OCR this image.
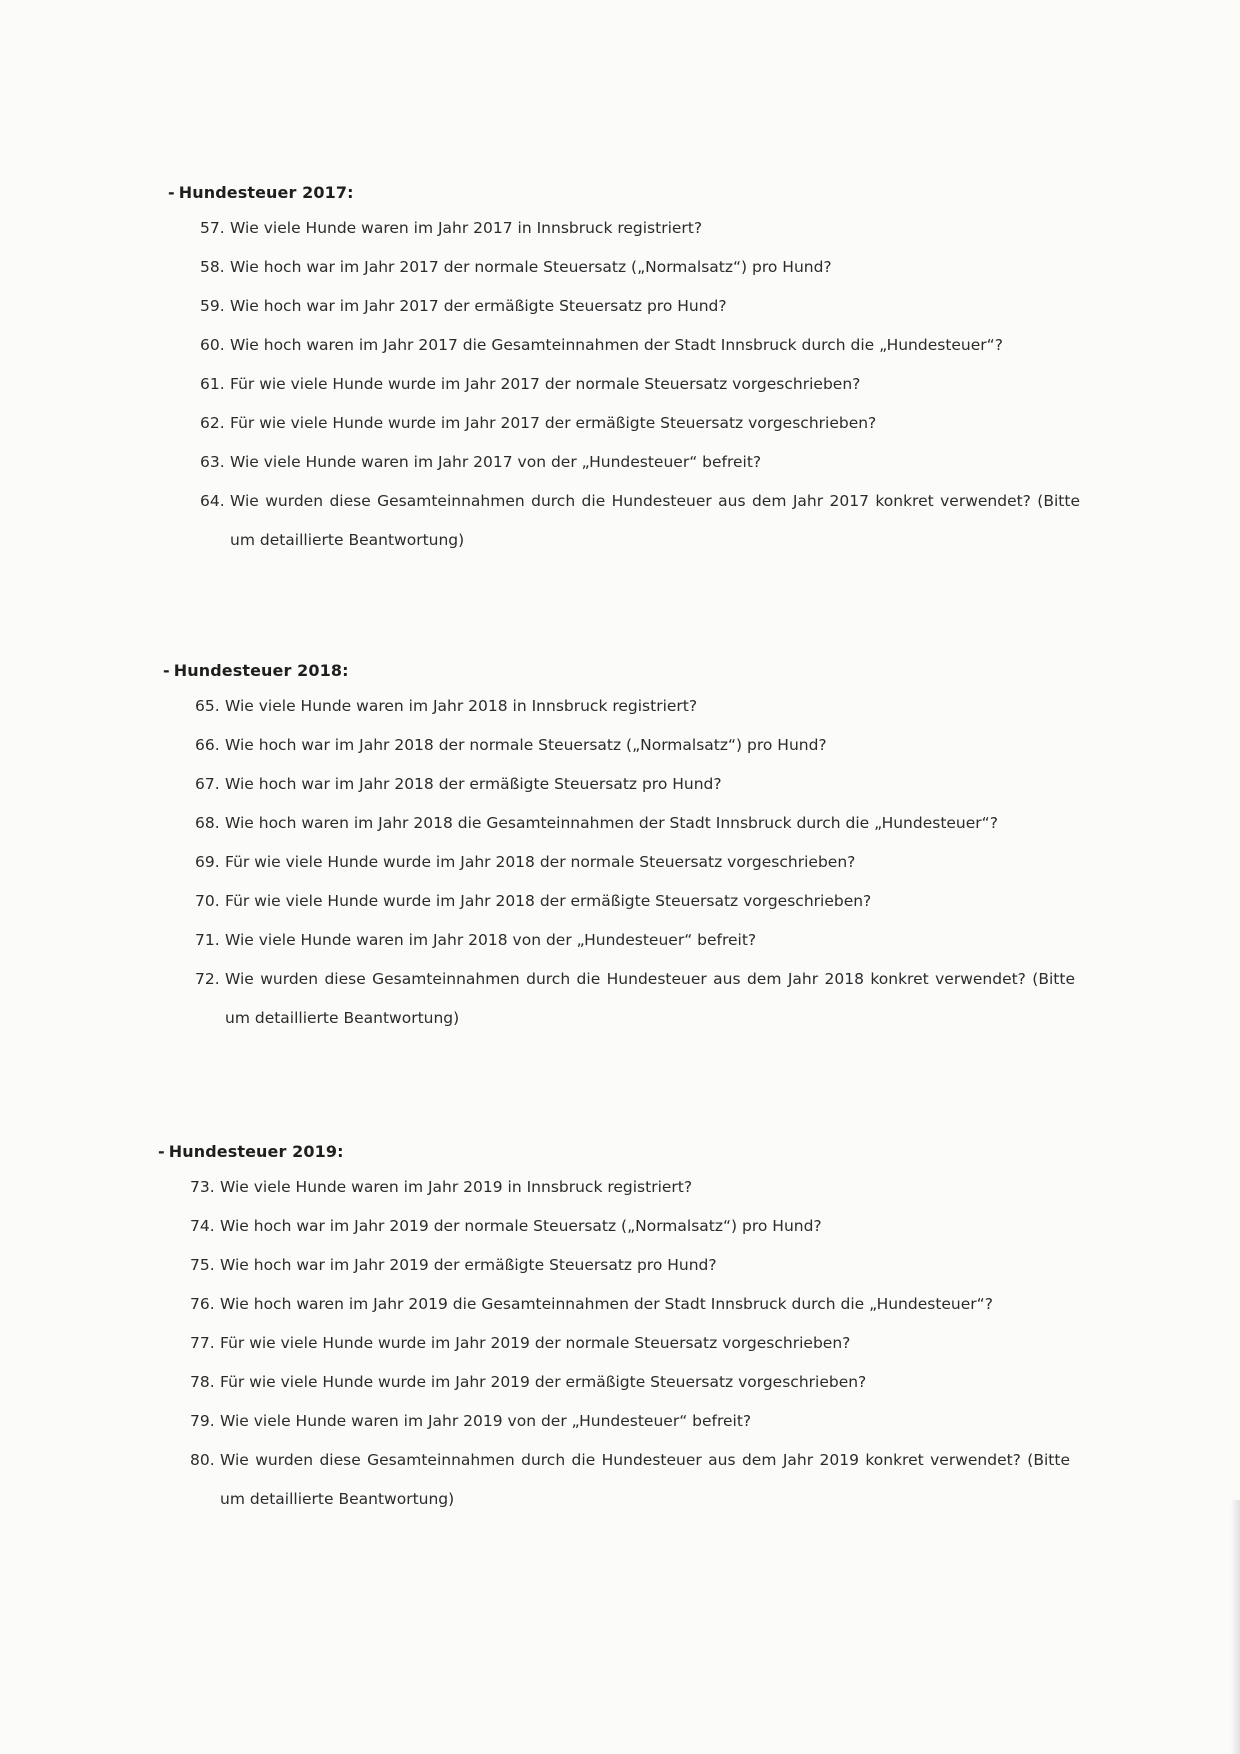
- Hundesteuer 2017:
57. Wie viele Hunde waren im Jahr 2017 in Innsbruck registriert?
58. Wie hoch war im Jahr 2017 der normale Steuersatz („Normalsatz“) pro Hund?
59. Wie hoch war im Jahr 2017 der ermäßigte Steuersatz pro Hund?
60. Wie hoch waren im Jahr 2017 die Gesamteinnahmen der Stadt Innsbruck durch die „Hundesteuer“?
61. Für wie viele Hunde wurde im Jahr 2017 der normale Steuersatz vorgeschrieben?
62. Für wie viele Hunde wurde im Jahr 2017 der ermäßigte Steuersatz vorgeschrieben?
63. Wie viele Hunde waren im Jahr 2017 von der „Hundesteuer“ befreit?
64. Wie wurden diese Gesamteinnahmen durch die Hundesteuer aus dem Jahr 2017 konkret verwendet? (Bitte um detaillierte Beantwortung)
- Hundesteuer 2018:
65. Wie viele Hunde waren im Jahr 2018 in Innsbruck registriert?
66. Wie hoch war im Jahr 2018 der normale Steuersatz („Normalsatz“) pro Hund?
67. Wie hoch war im Jahr 2018 der ermäßigte Steuersatz pro Hund?
68. Wie hoch waren im Jahr 2018 die Gesamteinnahmen der Stadt Innsbruck durch die „Hundesteuer“?
69. Für wie viele Hunde wurde im Jahr 2018 der normale Steuersatz vorgeschrieben?
70. Für wie viele Hunde wurde im Jahr 2018 der ermäßigte Steuersatz vorgeschrieben?
71. Wie viele Hunde waren im Jahr 2018 von der „Hundesteuer“ befreit?
72. Wie wurden diese Gesamteinnahmen durch die Hundesteuer aus dem Jahr 2018 konkret verwendet? (Bitte um detaillierte Beantwortung)
- Hundesteuer 2019:
73. Wie viele Hunde waren im Jahr 2019 in Innsbruck registriert?
74. Wie hoch war im Jahr 2019 der normale Steuersatz („Normalsatz“) pro Hund?
75. Wie hoch war im Jahr 2019 der ermäßigte Steuersatz pro Hund?
76. Wie hoch waren im Jahr 2019 die Gesamteinnahmen der Stadt Innsbruck durch die „Hundesteuer“?
77. Für wie viele Hunde wurde im Jahr 2019 der normale Steuersatz vorgeschrieben?
78. Für wie viele Hunde wurde im Jahr 2019 der ermäßigte Steuersatz vorgeschrieben?
79. Wie viele Hunde waren im Jahr 2019 von der „Hundesteuer“ befreit?
80. Wie wurden diese Gesamteinnahmen durch die Hundesteuer aus dem Jahr 2019 konkret verwendet? (Bitte um detaillierte Beantwortung)
